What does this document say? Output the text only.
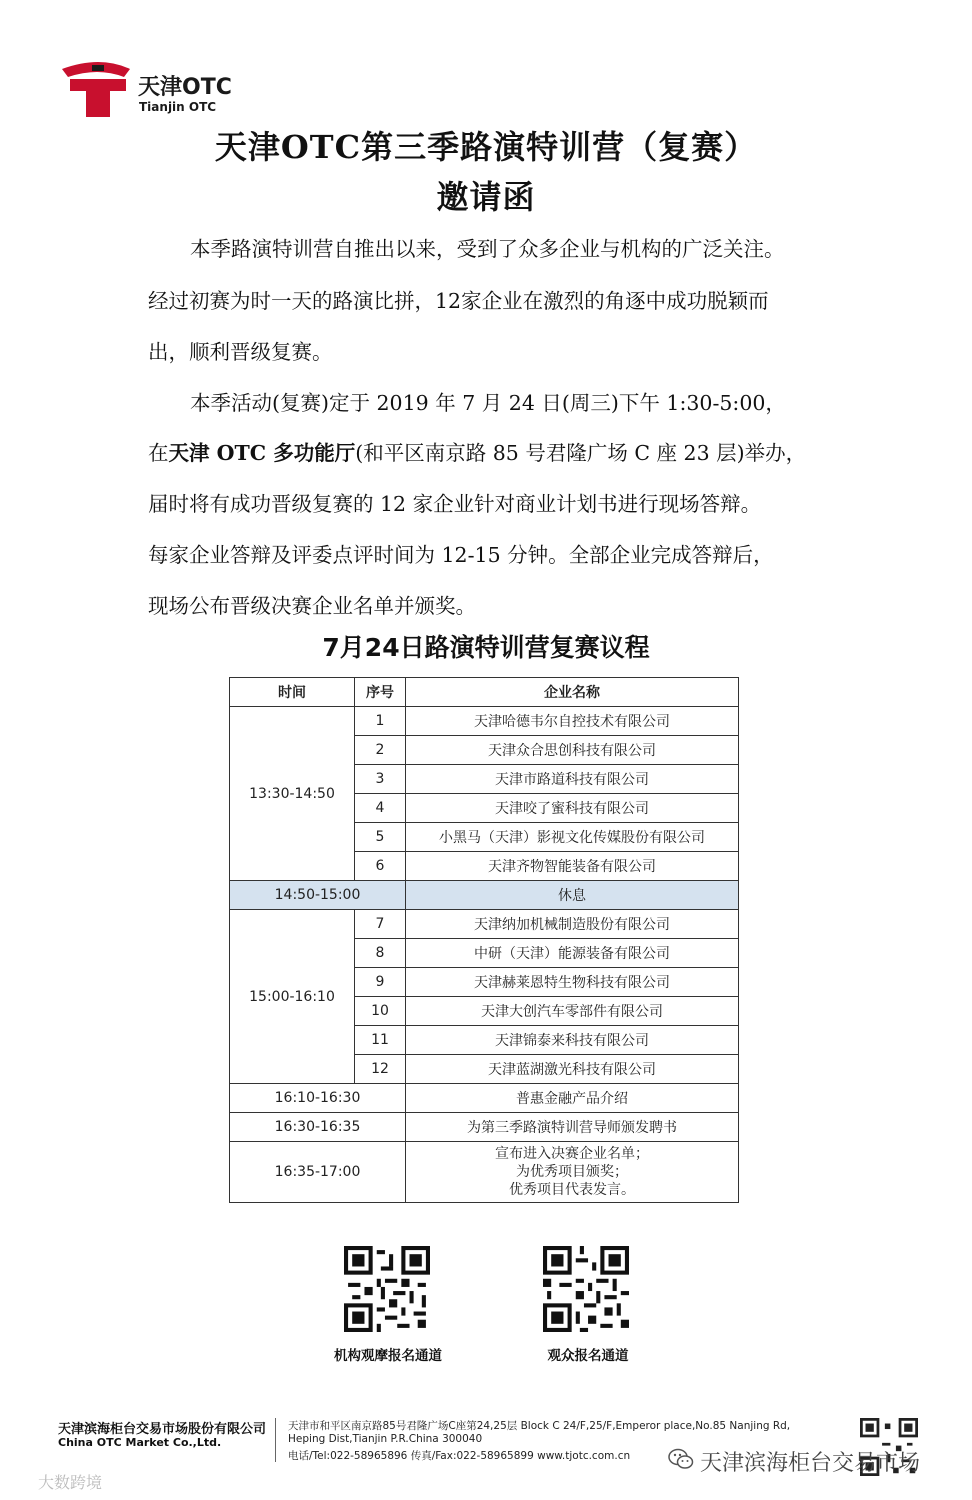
天津OTC
Tianjin OTC
天津OTC第三季路演特训营（复赛）
邀请函
本季路演特训营自推出以来，受到了众多企业与机构的广泛关注。
经过初赛为时一天的路演比拼，12家企业在激烈的角逐中成功脱颖而
出，顺利晋级复赛。
本季活动(复赛)定于 2019 年 7 月 24 日(周三)下午 1:30-5:00，
在天津 OTC 多功能厅(和平区南京路 85 号君隆广场 C 座 23 层)举办，
届时将有成功晋级复赛的 12 家企业针对商业计划书进行现场答辩。
每家企业答辩及评委点评时间为 12-15 分钟。全部企业完成答辩后，
现场公布晋级决赛企业名单并颁奖。
7月24日路演特训营复赛议程
时间	序号	企业名称
13:30-14:50	1	天津哈德韦尔自控技术有限公司
	2	天津众合思创科技有限公司
	3	天津市路道科技有限公司
	4	天津咬了蜜科技有限公司
	5	小黑马（天津）影视文化传媒股份有限公司
	6	天津齐物智能装备有限公司
14:50-15:00		休息
15:00-16:10	7	天津纳加机械制造股份有限公司
	8	中研（天津）能源装备有限公司
	9	天津赫莱恩特生物科技有限公司
	10	天津大创汽车零部件有限公司
	11	天津锦泰来科技有限公司
	12	天津蓝湖激光科技有限公司
16:10-16:30		普惠金融产品介绍
16:30-16:35		为第三季路演特训营导师颁发聘书
16:35-17:00		宣布进入决赛企业名单；
为优秀项目颁奖；
优秀项目代表发言。
机构观摩报名通道	观众报名通道
天津滨海柜台交易市场股份有限公司
China OTC Market Co.,Ltd.
天津市和平区南京路85号君隆广场C座第24,25层 Block C 24/F,25/F,Emperor place,No.85 Nanjing Rd,
Heping Dist,Tianjin P.R.China 300040
电话/Tel:022-58965896 传真/Fax:022-58965899 www.tjotc.com.cn	天津滨海柜台交易市场
大数跨境
